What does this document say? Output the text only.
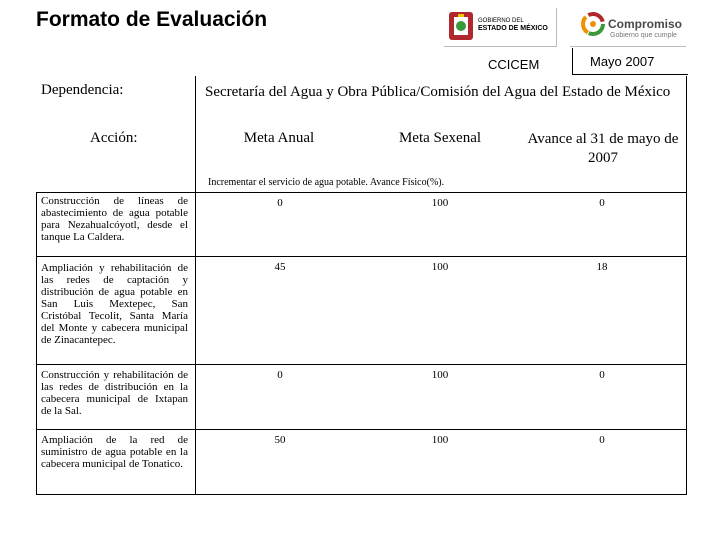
Formato de Evaluación	GOBIERNO DEL
ESTADO DE MÉXICO	Compromiso
Gobierno que cumple
CCICEM	Mayo 2007
Dependencia:	Secretaría del Agua y Obra Pública/Comisión del Agua del Estado de México
Acción:	Meta Anual	Meta Sexenal	Avance al 31 de mayo de 2007
Incrementar el servicio de agua potable. Avance Físico(%).
Construcción de líneas de abastecimiento de agua potable para Nezahualcóyotl, desde el tanque La Caldera.
0	100	0
Ampliación y rehabilitación de las redes de captación y distribución de agua potable en San Luis Mextepec, San Cristóbal Tecolit, Santa María del Monte y cabecera municipal de Zinacantepec.
45	100	18
Construcción y rehabilitación de las redes de distribución en la cabecera municipal de Ixtapan de la Sal.
0	100	0
Ampliación de la red de suministro de agua potable en la cabecera municipal de Tonatico.
50	100	0
